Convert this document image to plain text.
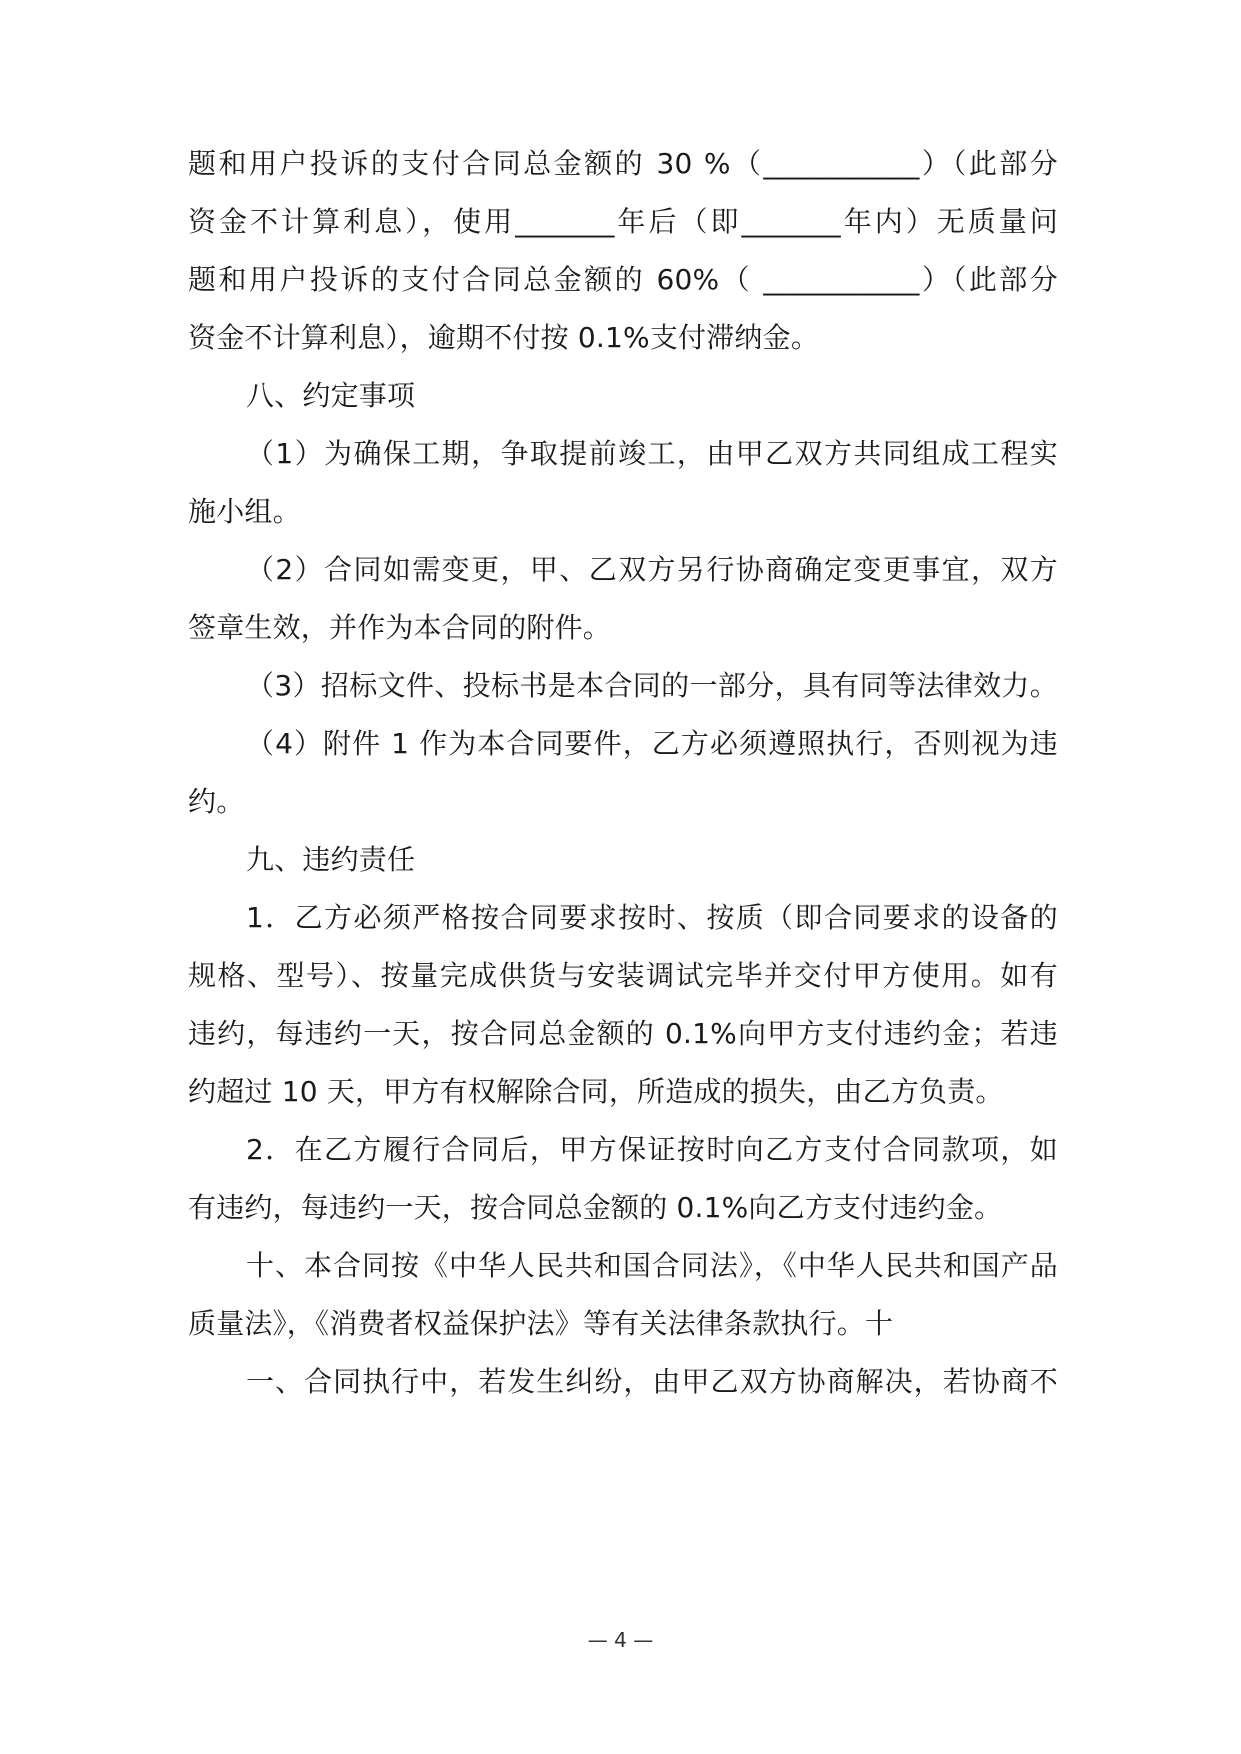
题和用户投诉的支付合同总金额的 30 %（___________）（此部分
资金不计算利息），使用_______年后（即_______年内）无质量问
题和用户投诉的支付合同总金额的 60%（ ___________）（此部分
资金不计算利息），逾期不付按 0.1%支付滞纳金。
八、约定事项
（1）为确保工期，争取提前竣工，由甲乙双方共同组成工程实
施小组。
（2）合同如需变更，甲、乙双方另行协商确定变更事宜，双方
签章生效，并作为本合同的附件。
（3）招标文件、投标书是本合同的一部分，具有同等法律效力。
（4）附件 1 作为本合同要件，乙方必须遵照执行，否则视为违
约。
九、违约责任
1．乙方必须严格按合同要求按时、按质（即合同要求的设备的
规格、型号）、按量完成供货与安装调试完毕并交付甲方使用。如有
违约，每违约一天，按合同总金额的 0.1%向甲方支付违约金；若违
约超过 10 天，甲方有权解除合同，所造成的损失，由乙方负责。
2．在乙方履行合同后，甲方保证按时向乙方支付合同款项，如
有违约，每违约一天，按合同总金额的 0.1%向乙方支付违约金。
十、本合同按《中华人民共和国合同法》，《中华人民共和国产品
质量法》，《消费者权益保护法》等有关法律条款执行。十
一、合同执行中，若发生纠纷，由甲乙双方协商解决，若协商不
— 4 —
